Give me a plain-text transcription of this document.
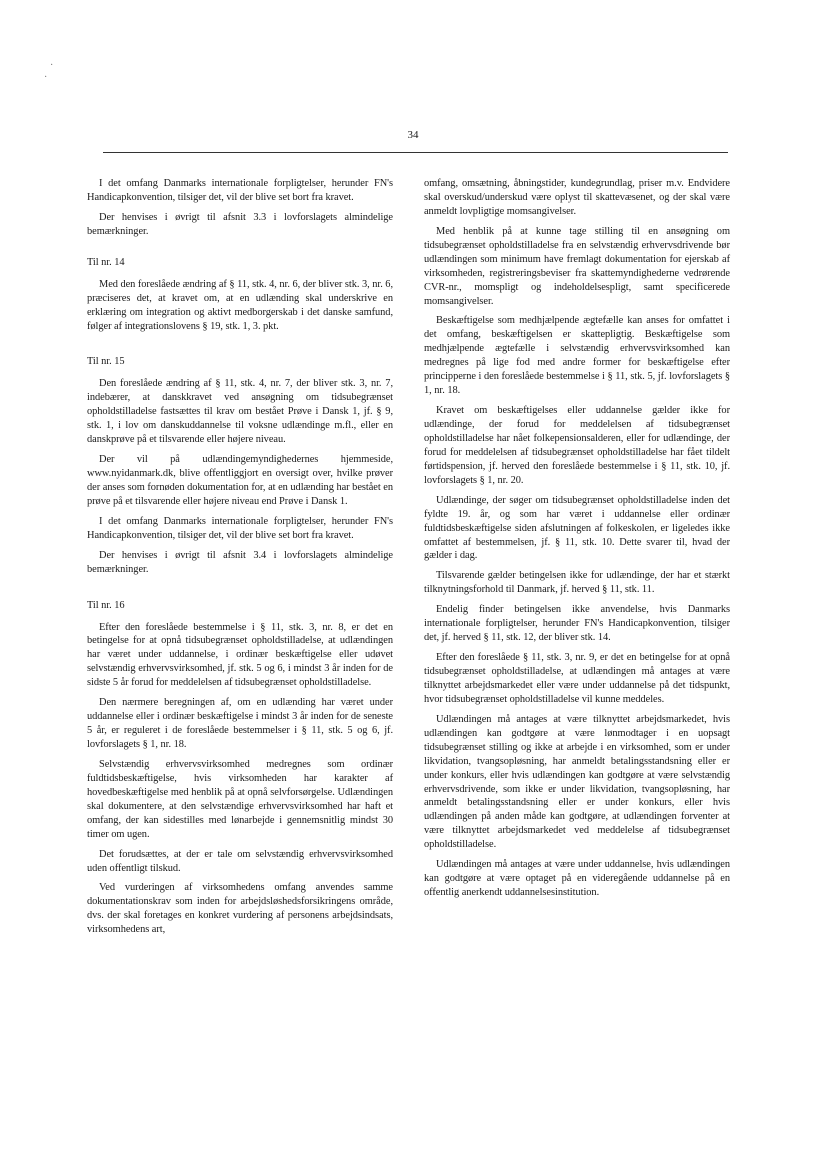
·
·
34

I det omfang Danmarks internationale forpligtelser, herunder FN's Handicapkonvention, tilsiger det, vil der blive set bort fra kravet.

Der henvises i øvrigt til afsnit 3.3 i lovforslagets almindelige bemærkninger.

Til nr. 14

Med den foreslåede ændring af § 11, stk. 4, nr. 6, der bliver stk. 3, nr. 6, præciseres det, at kravet om, at en udlænding skal underskrive en erklæring om integration og aktivt medborgerskab i det danske samfund, følger af integrationslovens § 19, stk. 1, 3. pkt.

Til nr. 15

Den foreslåede ændring af § 11, stk. 4, nr. 7, der bliver stk. 3, nr. 7, indebærer, at danskkravet ved ansøgning om tidsubegrænset opholdstilladelse fastsættes til krav om bestået Prøve i Dansk 1, jf. § 9, stk. 1, i lov om danskuddannelse til voksne udlændinge m.fl., eller en danskprøve på et tilsvarende eller højere niveau.

Der vil på udlændingemyndighedernes hjemmeside, www.nyidanmark.dk, blive offentliggjort en oversigt over, hvilke prøver der anses som fornøden dokumentation for, at en udlænding har bestået en prøve på et tilsvarende eller højere niveau end Prøve i Dansk 1.

I det omfang Danmarks internationale forpligtelser, herunder FN's Handicapkonvention, tilsiger det, vil der blive set bort fra kravet.

Der henvises i øvrigt til afsnit 3.4 i lovforslagets almindelige bemærkninger.

Til nr. 16

Efter den foreslåede bestemmelse i § 11, stk. 3, nr. 8, er det en betingelse for at opnå tidsubegrænset opholdstilladelse, at udlændingen har været under uddannelse, i ordinær beskæftigelse eller udøvet selvstændig erhvervsvirksomhed, jf. stk. 5 og 6, i mindst 3 år inden for de sidste 5 år forud for meddelelsen af tidsubegrænset opholdstilladelse.

Den nærmere beregningen af, om en udlænding har været under uddannelse eller i ordinær beskæftigelse i mindst 3 år inden for de seneste 5 år, er reguleret i de foreslåede bestemmelser i § 11, stk. 5 og 6, jf. lovforslagets § 1, nr. 18.

Selvstændig erhvervsvirksomhed medregnes som ordinær fuldtidsbeskæftigelse, hvis virksomheden har karakter af hovedbeskæftigelse med henblik på at opnå selvforsørgelse. Udlændingen skal dokumentere, at den selvstændige erhvervsvirksomhed har haft et omfang, der kan sidestilles med lønarbejde i gennemsnitlig mindst 30 timer om ugen.

Det forudsættes, at der er tale om selvstændig erhvervsvirksomhed uden offentligt tilskud.

Ved vurderingen af virksomhedens omfang anvendes samme dokumentationskrav som inden for arbejdsløshedsforsikringens område, dvs. der skal foretages en konkret vurdering af personens arbejdsindsats, virksomhedens art,

omfang, omsætning, åbningstider, kundegrundlag, priser m.v. Endvidere skal overskud/underskud være oplyst til skattevæsenet, og der skal være anmeldt lovpligtige momsangivelser.

Med henblik på at kunne tage stilling til en ansøgning om tidsubegrænset opholdstilladelse fra en selvstændig erhvervsdrivende bør udlændingen som minimum have fremlagt dokumentation for ejerskab af virksomheden, registreringsbeviser fra skattemyndighederne vedrørende CVR-nr., momspligt og indeholdelsespligt, samt specificerede momsangivelser.

Beskæftigelse som medhjælpende ægtefælle kan anses for omfattet i det omfang, beskæftigelsen er skattepligtig. Beskæftigelse som medhjælpende ægtefælle i selvstændig erhvervsvirksomhed kan medregnes på lige fod med andre former for beskæftigelse efter principperne i den foreslåede bestemmelse i § 11, stk. 5, jf. lovforslagets § 1, nr. 18.

Kravet om beskæftigelses eller uddannelse gælder ikke for udlændinge, der forud for meddelelsen af tidsubegrænset opholdstilladelse har nået folkepensionsalderen, eller for udlændinge, der forud for meddelelsen af tidsubegrænset opholdstilladelse har fået tildelt førtidspension, jf. herved den foreslåede bestemmelse i § 11, stk. 10, jf. lovforslagets § 1, nr. 20.

Udlændinge, der søger om tidsubegrænset opholdstilladelse inden det fyldte 19. år, og som har været i uddannelse eller ordinær fuldtidsbeskæftigelse siden afslutningen af folkeskolen, er ligeledes ikke omfattet af bestemmelsen, jf. § 11, stk. 10. Dette svarer til, hvad der gælder i dag.

Tilsvarende gælder betingelsen ikke for udlændinge, der har et stærkt tilknytningsforhold til Danmark, jf. herved § 11, stk. 11.

Endelig finder betingelsen ikke anvendelse, hvis Danmarks internationale forpligtelser, herunder FN's Handicapkonvention, tilsiger det, jf. herved § 11, stk. 12, der bliver stk. 14.

Efter den foreslåede § 11, stk. 3, nr. 9, er det en betingelse for at opnå tidsubegrænset opholdstilladelse, at udlændingen må antages at være tilknyttet arbejdsmarkedet eller være under uddannelse på det tidspunkt, hvor tidsubegrænset opholdstilladelse vil kunne meddeles.

Udlændingen må antages at være tilknyttet arbejdsmarkedet, hvis udlændingen kan godtgøre at være lønmodtager i en uopsagt tidsubegrænset stilling og ikke at arbejde i en virksomhed, som er under likvidation, tvangsopløsning, har anmeldt betalingsstandsning eller er under konkurs, eller hvis udlændingen kan godtgøre at være selvstændig erhvervsdrivende, som ikke er under likvidation, tvangsopløsning, har anmeldt betalingsstandsning eller er under konkurs, eller hvis udlændingen på anden måde kan godtgøre, at udlændingen forventer at være tilknyttet arbejdsmarkedet ved meddelelse af tidsubegrænset opholdstilladelse.

Udlændingen må antages at være under uddannelse, hvis udlændingen kan godtgøre at være optaget på en videregående uddannelse på en offentlig anerkendt uddannelsesinstitution.
